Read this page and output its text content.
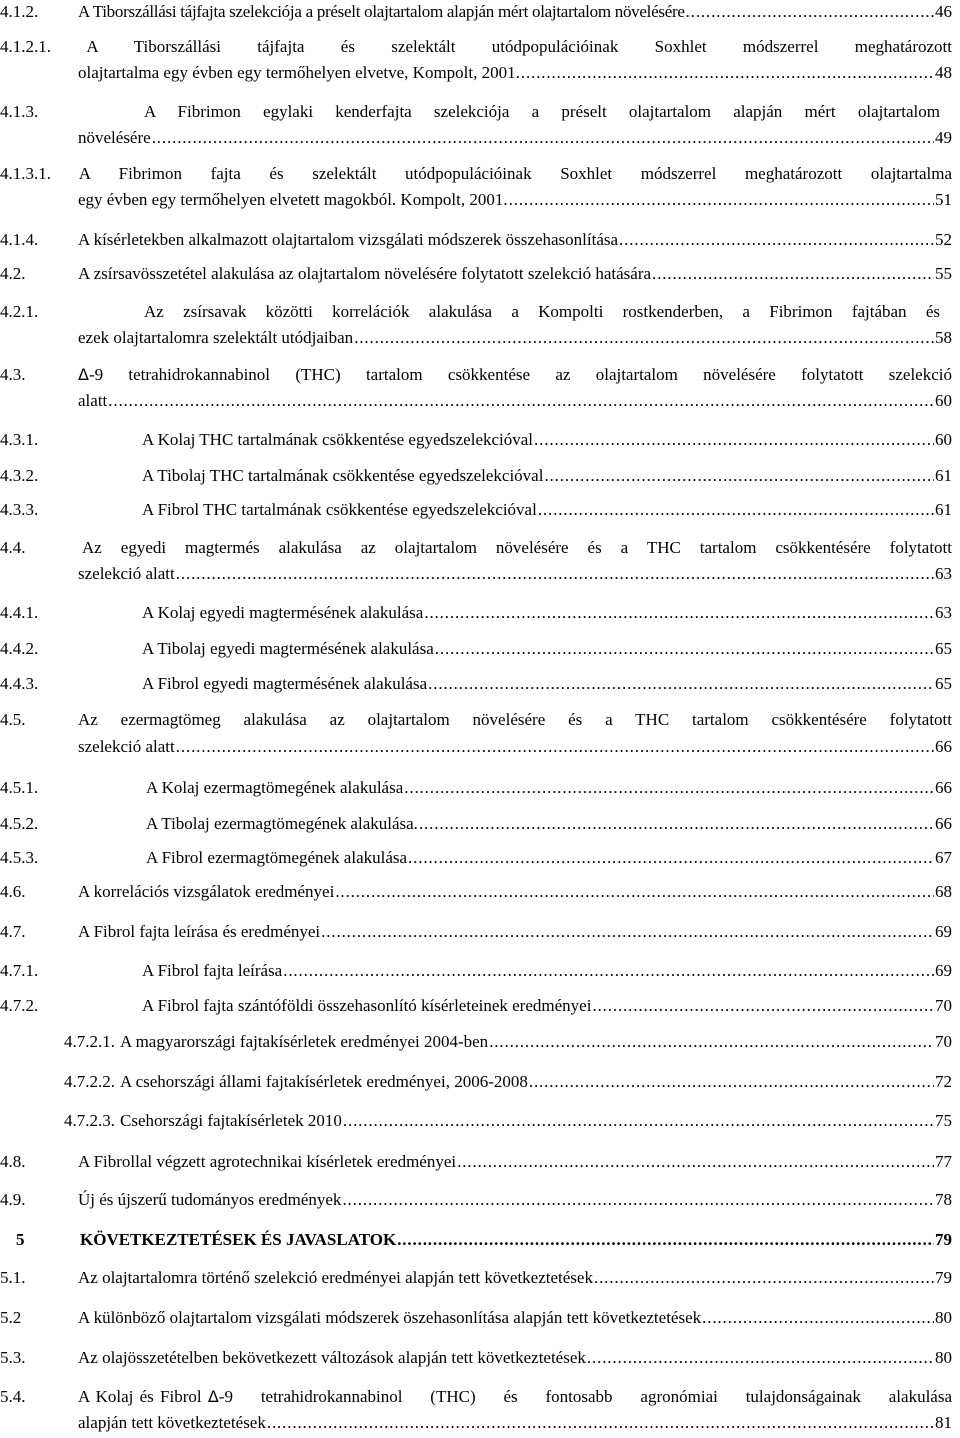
4.1.2.	A Tiborszállási tájfajta szelekciója a préselt olajtartalom alapján mért olajtartalom növelésére . . .	46
4.1.2.1. A Tiborszállási tájfajta és szelektált utódpopulációinak Soxhlet módszerrel meghatározott
olajtartalma egy évben egy termőhelyen elvetve, Kompolt, 2001. . . .	48
4.1.3.	A Fibrimon egylaki kenderfajta szelekciója a préselt olajtartalom alapján mért olajtartalom
növelésére . . .	49
4.1.3.1. A Fibrimon fajta és szelektált utódpopulációinak Soxhlet módszerrel meghatározott olajtartalma
egy évben egy termőhelyen elvetett magokból. Kompolt, 2001. . . .	51
4.1.4.	A kísérletekben alkalmazott olajtartalom vizsgálati módszerek összehasonlítása . . .	52
4.2.	A zsírsavösszetétel alakulása az olajtartalom növelésére folytatott szelekció hatására . . .	55
4.2.1.	Az zsírsavak közötti korrelációk alakulása a Kompolti rostkenderben, a Fibrimon fajtában és
ezek olajtartalomra szelektált utódjaiban . . .	58
4.3.	Δ -9 tetrahidrokannabinol (THC) tartalom csökkentése az olajtartalom növelésére folytatott szelekció
alatt . . .	60
4.3.1.	A Kolaj THC tartalmának csökkentése egyedszelekcióval . . .	60
4.3.2.	A Tibolaj THC tartalmának csökkentése egyedszelekcióval . . .	61
4.3.3.	A Fibrol THC tartalmának csökkentése egyedszelekcióval . . .	61
4.4.	Az egyedi magtermés alakulása az olajtartalom növelésére és a THC tartalom csökkentésére folytatott
szelekció alatt . . .	63
4.4.1.	A Kolaj egyedi magtermésének alakulása . . .	63
4.4.2.	A Tibolaj egyedi magtermésének alakulása . . .	65
4.4.3.	A Fibrol egyedi magtermésének alakulása . . .	65
4.5.	Az ezermagtömeg alakulása az olajtartalom növelésére és a THC tartalom csökkentésére folytatott
szelekció alatt . . .	66
4.5.1.	A Kolaj ezermagtömegének alakulása . . .	66
4.5.2.	A Tibolaj ezermagtömegének alakulása. . . .	66
4.5.3.	A Fibrol ezermagtömegének alakulása . . .	67
4.6.	A korrelációs vizsgálatok eredményei . . .	68
4.7.	A Fibrol fajta leírása és eredményei . . .	69
4.7.1.	A Fibrol fajta leírása . . .	69
4.7.2.	A Fibrol fajta szántóföldi összehasonlító kísérleteinek eredményei . . .	70
4.7.2.1. A magyarországi fajtakísérletek eredményei 2004-ben . . .	70
4.7.2.2. A csehországi állami fajtakísérletek eredményei, 2006-2008 . . .	72
4.7.2.3. Csehországi fajtakísérletek 2010 . . .	75
4.8.	A Fibrollal végzett agrotechnikai kísérletek eredményei . . .	77
4.9.	Új és újszerű tudományos eredmények . . .	78
5	KÖVETKEZTETÉSEK ÉS JAVASLATOK . . .	79
5.1.	Az olajtartalomra történő szelekció eredményei alapján tett következtetések . . .	79
5.2	A különböző olajtartalom vizsgálati módszerek öszehasonlítása alapján tett következtetések . . .	80
5.3.	Az olajösszetételben bekövetkezett változások alapján tett következtetések . . .	80
5.4.	A Kolaj és Fibrol Δ -9 tetrahidrokannabinol (THC) és fontosabb agronómiai tulajdonságainak alakulása
alapján tett következtetések . . .	81
